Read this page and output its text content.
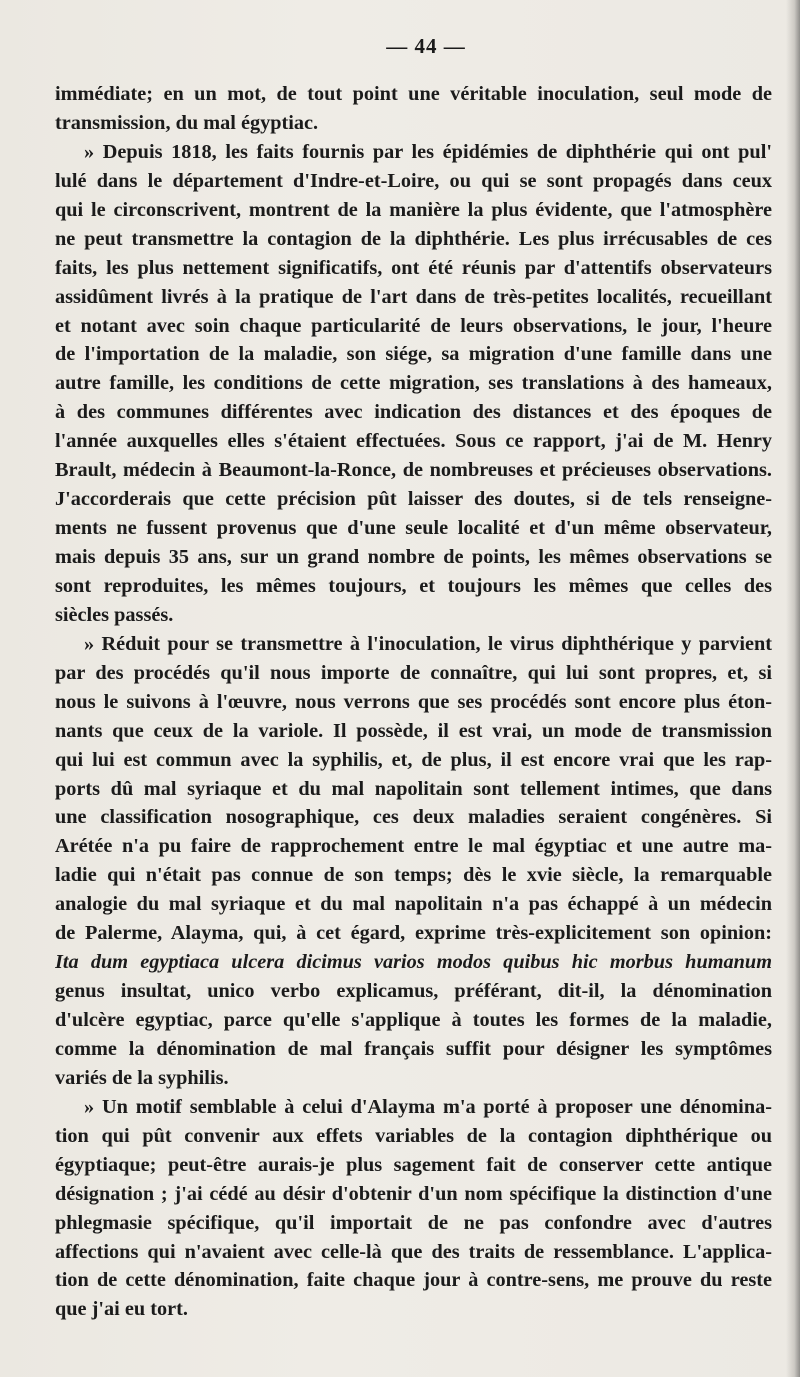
— 44 —
immédiate; en un mot, de tout point une véritable inoculation, seul mode de
transmission, du mal égyptiac.
» Depuis 1818, les faits fournis par les épidémies de diphthérie qui ont pul'
lulé dans le département d'Indre-et-Loire, ou qui se sont propagés dans ceux
qui le circonscrivent, montrent de la manière la plus évidente, que l'atmosphère
ne peut transmettre la contagion de la diphthérie. Les plus irrécusables de ces
faits, les plus nettement significatifs, ont été réunis par d'attentifs observateurs
assidûment livrés à la pratique de l'art dans de très-petites localités, recueillant
et notant avec soin chaque particularité de leurs observations, le jour, l'heure
de l'importation de la maladie, son siége, sa migration d'une famille dans une
autre famille, les conditions de cette migration, ses translations à des hameaux,
à des communes différentes avec indication des distances et des époques de
l'année auxquelles elles s'étaient effectuées. Sous ce rapport, j'ai de M. Henry
Brault, médecin à Beaumont-la-Ronce, de nombreuses et précieuses observations.
J'accorderais que cette précision pût laisser des doutes, si de tels renseigne-
ments ne fussent provenus que d'une seule localité et d'un même observateur,
mais depuis 35 ans, sur un grand nombre de points, les mêmes observations se
sont reproduites, les mêmes toujours, et toujours les mêmes que celles des
siècles passés.
» Réduit pour se transmettre à l'inoculation, le virus diphthérique y parvient
par des procédés qu'il nous importe de connaître, qui lui sont propres, et, si
nous le suivons à l'œuvre, nous verrons que ses procédés sont encore plus éton-
nants que ceux de la variole. Il possède, il est vrai, un mode de transmission
qui lui est commun avec la syphilis, et, de plus, il est encore vrai que les rap-
ports dû mal syriaque et du mal napolitain sont tellement intimes, que dans
une classification nosographique, ces deux maladies seraient congénères. Si
Arétée n'a pu faire de rapprochement entre le mal égyptiac et une autre ma-
ladie qui n'était pas connue de son temps; dès le xvie siècle, la remarquable
analogie du mal syriaque et du mal napolitain n'a pas échappé à un médecin
de Palerme, Alayma, qui, à cet égard, exprime très-explicitement son opinion:
Ita dum egyptiaca ulcera dicimus varios modos quibus hic morbus humanum
genus insultat, unico verbo explicamus, préférant, dit-il, la dénomination
d'ulcère egyptiac, parce qu'elle s'applique à toutes les formes de la maladie,
comme la dénomination de mal français suffit pour désigner les symptômes
variés de la syphilis.
» Un motif semblable à celui d'Alayma m'a porté à proposer une dénomina-
tion qui pût convenir aux effets variables de la contagion diphthérique ou
égyptiaque; peut-être aurais-je plus sagement fait de conserver cette antique
désignation ; j'ai cédé au désir d'obtenir d'un nom spécifique la distinction d'une
phlegmasie spécifique, qu'il importait de ne pas confondre avec d'autres
affections qui n'avaient avec celle-là que des traits de ressemblance. L'applica-
tion de cette dénomination, faite chaque jour à contre-sens, me prouve du reste
que j'ai eu tort.
